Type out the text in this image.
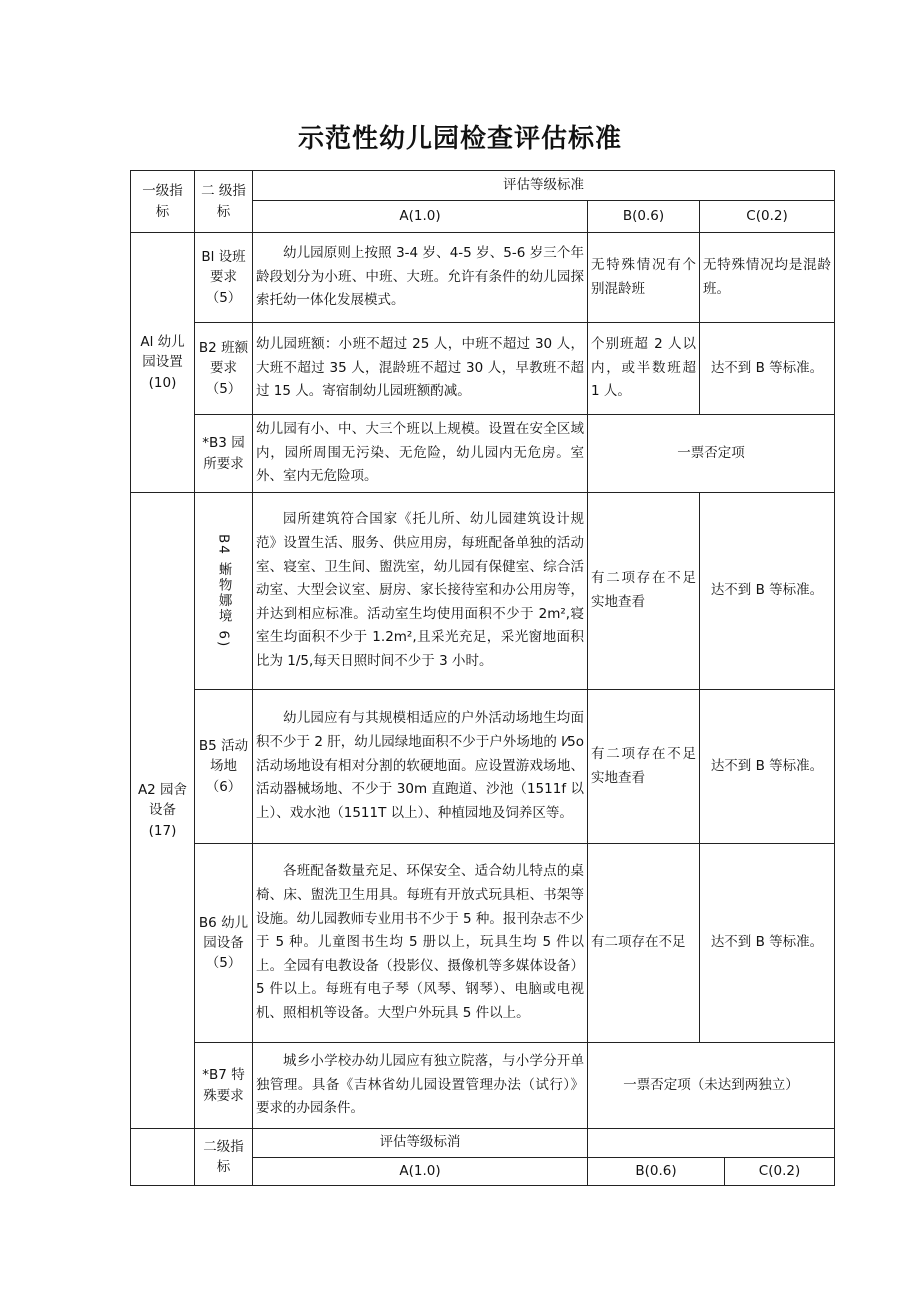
示范性幼儿园检查评估标准
一级指标	二 级指标	评估等级标准		
		A(1.0)	B(0.6)	C(0.2)
Al 幼儿园设置(10)	Bl 设班要求（5）	幼儿园原则上按照 3-4 岁、4-5 岁、5-6 岁三个年龄段划分为小班、中班、大班。允许有条件的幼儿园探索托幼一体化发展模式。	无特殊情况有个别混龄班	无特殊情况均是混龄班。
	B2 班额要求（5）	幼儿园班额：小班不超过 25 人，中班不超过 30 人，大班不超过 35 人，混龄班不超过 30 人，早教班不超过 15 人。寄宿制幼儿园班额酌减。	个别班超 2 人以内，或半数班超 1 人。	达不到 B 等标准。
	*B3 园所要求	幼儿园有小、中、大三个班以上规模。设置在安全区域内，园所周围无污染、无危险，幼儿园内无危房。室外、室内无危险项。	一票否定项	
A2 园舍设备(17)	B4 蜥物娜境 6)	园所建筑符合国家《托儿所、幼儿园建筑设计规范》设置生活、服务、供应用房，每班配备单独的活动室、寝室、卫生间、盥洗室，幼儿园有保健室、综合活动室、大型会议室、厨房、家长接待室和办公用房等，并达到相应标准。活动室生均使用面积不少于 2m²,寝室生均面积不少于 1.2m²,且采光充足，采光窗地面积比为 1/5,每天日照时间不少于 3 小时。	有二项存在不足实地查看	达不到 B 等标准。
	B5 活动场地（6）	幼儿园应有与其规模相适应的户外活动场地生均面积不少于 2 肝，幼儿园绿地面积不少于户外场地的 l⁄5o 活动场地设有相对分割的软硬地面。应设置游戏场地、活动器械场地、不少于 30m 直跑道、沙池（1511f 以上）、戏水池（1511T 以上）、种植园地及饲养区等。	有二项存在不足实地查看	达不到 B 等标准。
	B6 幼儿园设备（5）	各班配备数量充足、环保安全、适合幼儿特点的桌椅、床、盥洗卫生用具。每班有开放式玩具柜、书架等设施。幼儿园教师专业用书不少于 5 种。报刊杂志不少于 5 种。儿童图书生均 5 册以上，玩具生均 5 件以上。全园有电教设备（投影仪、摄像机等多媒体设备）5 件以上。每班有电子琴（风琴、钢琴）、电脑或电视机、照相机等设备。大型户外玩具 5 件以上。	有二项存在不足	达不到 B 等标准。
	*B7 特殊要求	城乡小学校办幼儿园应有独立院落，与小学分开单独管理。具备《吉林省幼儿园设置管理办法（试行）》要求的办园条件。	一票否定项（未达到两独立）	
	二级指标	评估等级标消		
		A(1.0)	B(0.6)	C(0.2)
